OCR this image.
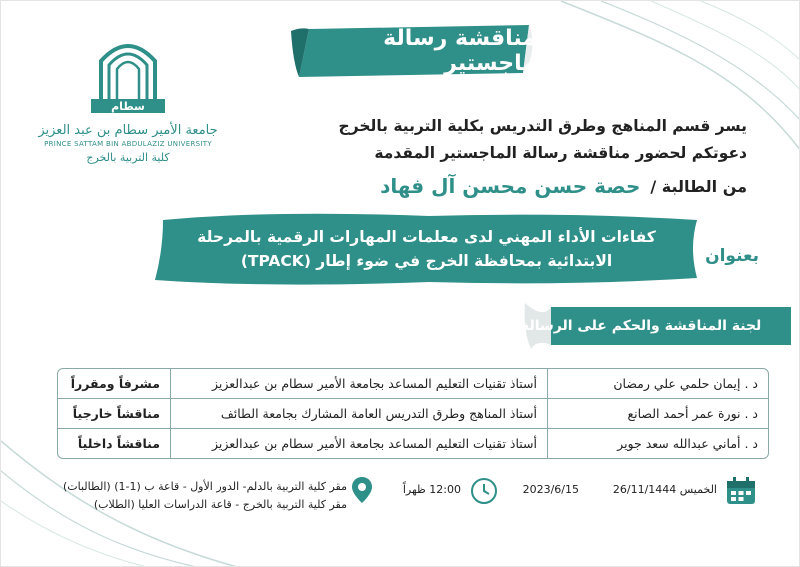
سطام
جامعة الأمير سطام بن عبد العزيز
PRINCE SATTAM BIN ABDULAZIZ UNIVERSITY
كلية التربية بالخرج
مناقشة رسالة ماجستير
يسر قسم المناهج وطرق التدريس بكلية التربية بالخرج
دعوتكم لحضور مناقشة رسالة الماجستير المقدمة
من الطالبة /
حصة حسن محسن آل فهاد
كفاءات الأداء المهني لدى معلمات المهارات الرقمية بالمرحلة
الابتدائية بمحافظة الخرج في ضوء إطار (TPACK)	بعنوان
لجنة المناقشة والحكم على الرسالة
د . إيمان حلمي علي رمضان	أستاذ تقنيات التعليم المساعد بجامعة الأمير سطام بن عبدالعزيز	مشرفاً ومقرراً
د . نورة عمر أحمد الصانع	أستاذ المناهج وطرق التدريس العامة المشارك بجامعة الطائف	مناقشاً خارجياً
د . أماني عبدالله سعد جوير	أستاذ تقنيات التعليم المساعد بجامعة الأمير سطام بن عبدالعزيز	مناقشاً داخلياً
الخميس 26/11/1444
2023/6/15
12:00 ظهراً
مقر كلية التربية بالدلم- الدور الأول - قاعة ب (1-1) (الطالبات)
مقر كلية التربية بالخرج - قاعة الدراسات العليا (الطلاب)
